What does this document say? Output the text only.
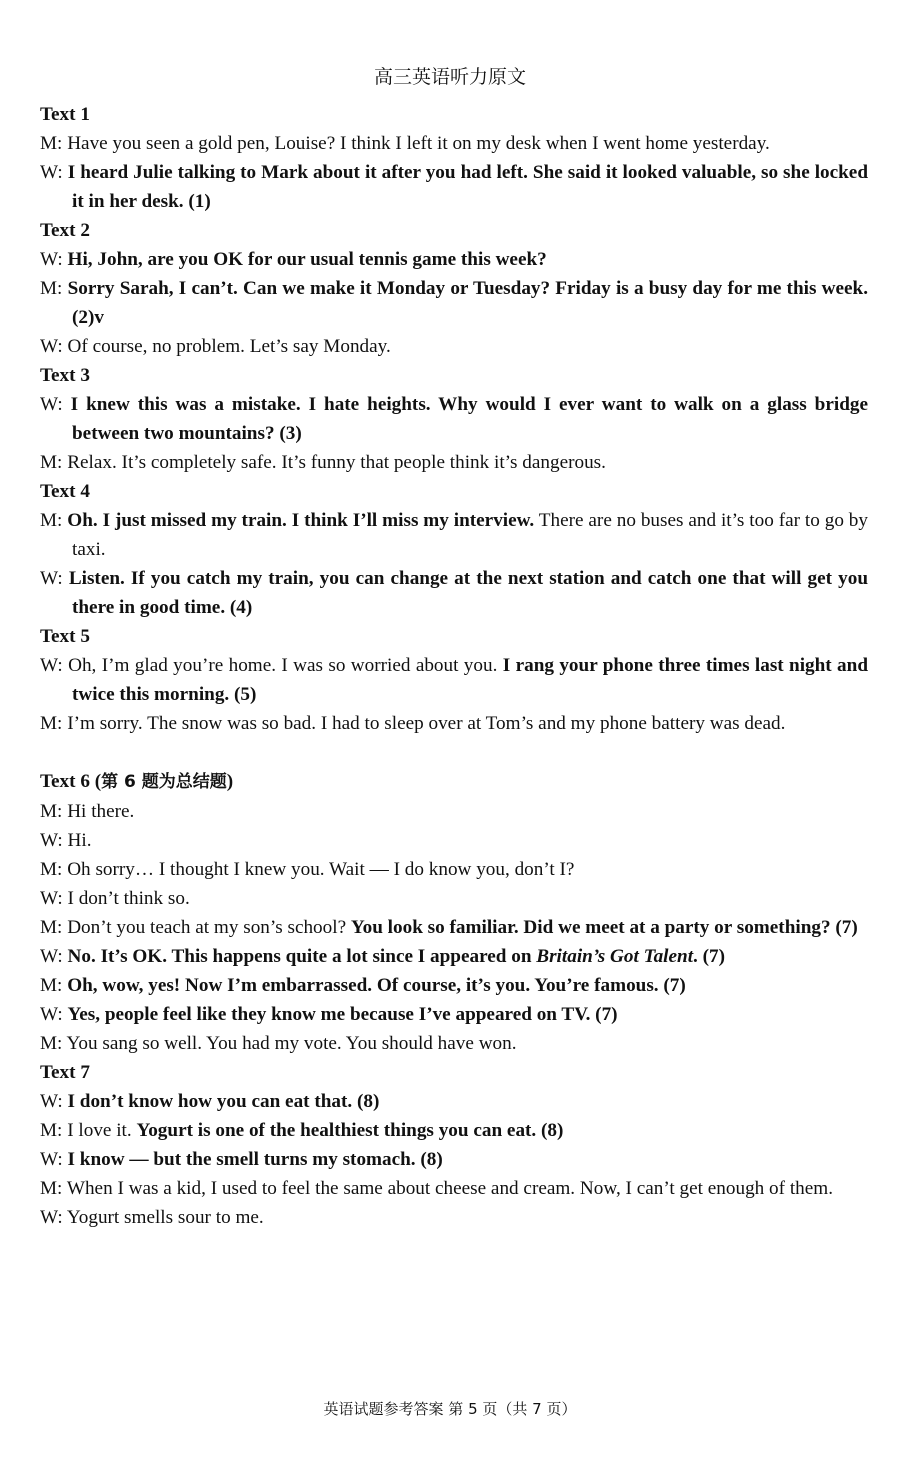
高三英语听力原文
Text 1
M: Have you seen a gold pen, Louise? I think I left it on my desk when I went home yesterday.
W: I heard Julie talking to Mark about it after you had left. She said it looked valuable, so she locked it in her desk. (1)
Text 2
W: Hi, John, are you OK for our usual tennis game this week?
M: Sorry Sarah, I can’t. Can we make it Monday or Tuesday? Friday is a busy day for me this week. (2)v
W: Of course, no problem. Let’s say Monday.
Text 3
W: I knew this was a mistake. I hate heights. Why would I ever want to walk on a glass bridge between two mountains? (3)
M: Relax. It’s completely safe. It’s funny that people think it’s dangerous.
Text 4
M: Oh. I just missed my train. I think I’ll miss my interview. There are no buses and it’s too far to go by taxi.
W: Listen. If you catch my train, you can change at the next station and catch one that will get you there in good time. (4)
Text 5
W: Oh, I’m glad you’re home. I was so worried about you. I rang your phone three times last night and twice this morning. (5)
M: I’m sorry. The snow was so bad. I had to sleep over at Tom’s and my phone battery was dead.
Text 6 (第 6 题为总结题)
M: Hi there.
W: Hi.
M: Oh sorry… I thought I knew you. Wait — I do know you, don’t I?
W: I don’t think so.
M: Don’t you teach at my son’s school? You look so familiar. Did we meet at a party or something? (7)
W: No. It’s OK. This happens quite a lot since I appeared on Britain’s Got Talent. (7)
M: Oh, wow, yes! Now I’m embarrassed. Of course, it’s you. You’re famous. (7)
W: Yes, people feel like they know me because I’ve appeared on TV. (7)
M: You sang so well. You had my vote. You should have won.
Text 7
W: I don’t know how you can eat that. (8)
M: I love it. Yogurt is one of the healthiest things you can eat. (8)
W: I know — but the smell turns my stomach. (8)
M: When I was a kid, I used to feel the same about cheese and cream. Now, I can’t get enough of them.
W: Yogurt smells sour to me.
英语试题参考答案 第 5 页（共 7 页）
